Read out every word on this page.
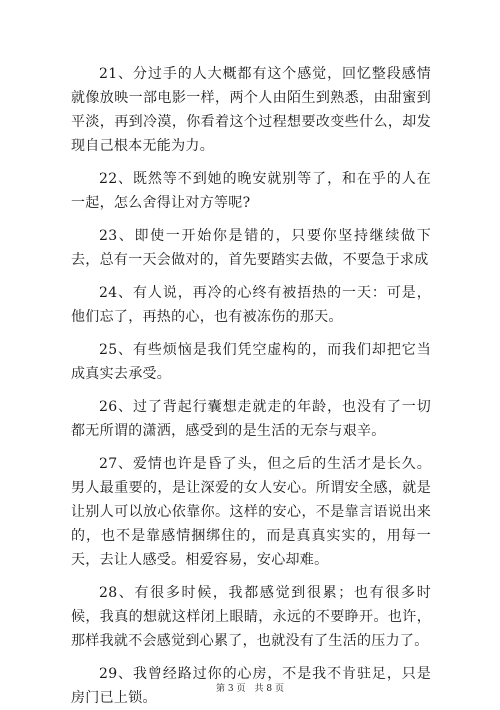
21、分过手的人大概都有这个感觉，回忆整段感情就像放映一部电影一样，两个人由陌生到熟悉，由甜蜜到平淡，再到冷漠，你看着这个过程想要改变些什么，却发现自己根本无能为力。

22、既然等不到她的晚安就别等了，和在乎的人在一起，怎么舍得让对方等呢?

23、即使一开始你是错的，只要你坚持继续做下去，总有一天会做对的，首先要踏实去做，不要急于求成

24、有人说，再冷的心终有被捂热的一天：可是，他们忘了，再热的心，也有被冻伤的那天。

25、有些烦恼是我们凭空虚构的，而我们却把它当成真实去承受。

26、过了背起行囊想走就走的年龄，也没有了一切都无所谓的潇洒，感受到的是生活的无奈与艰辛。

27、爱情也许是昏了头，但之后的生活才是长久。男人最重要的，是让深爱的女人安心。所谓安全感，就是让别人可以放心依靠你。这样的安心，不是靠言语说出来的，也不是靠感情捆绑住的，而是真真实实的，用每一天，去让人感受。相爱容易，安心却难。

28、有很多时候，我都感觉到很累；也有很多时候，我真的想就这样闭上眼睛，永远的不要睁开。也许，那样我就不会感觉到心累了，也就没有了生活的压力了。

29、我曾经路过你的心房，不是我不肯驻足，只是房门已上锁。

第 3 页　共 8 页
